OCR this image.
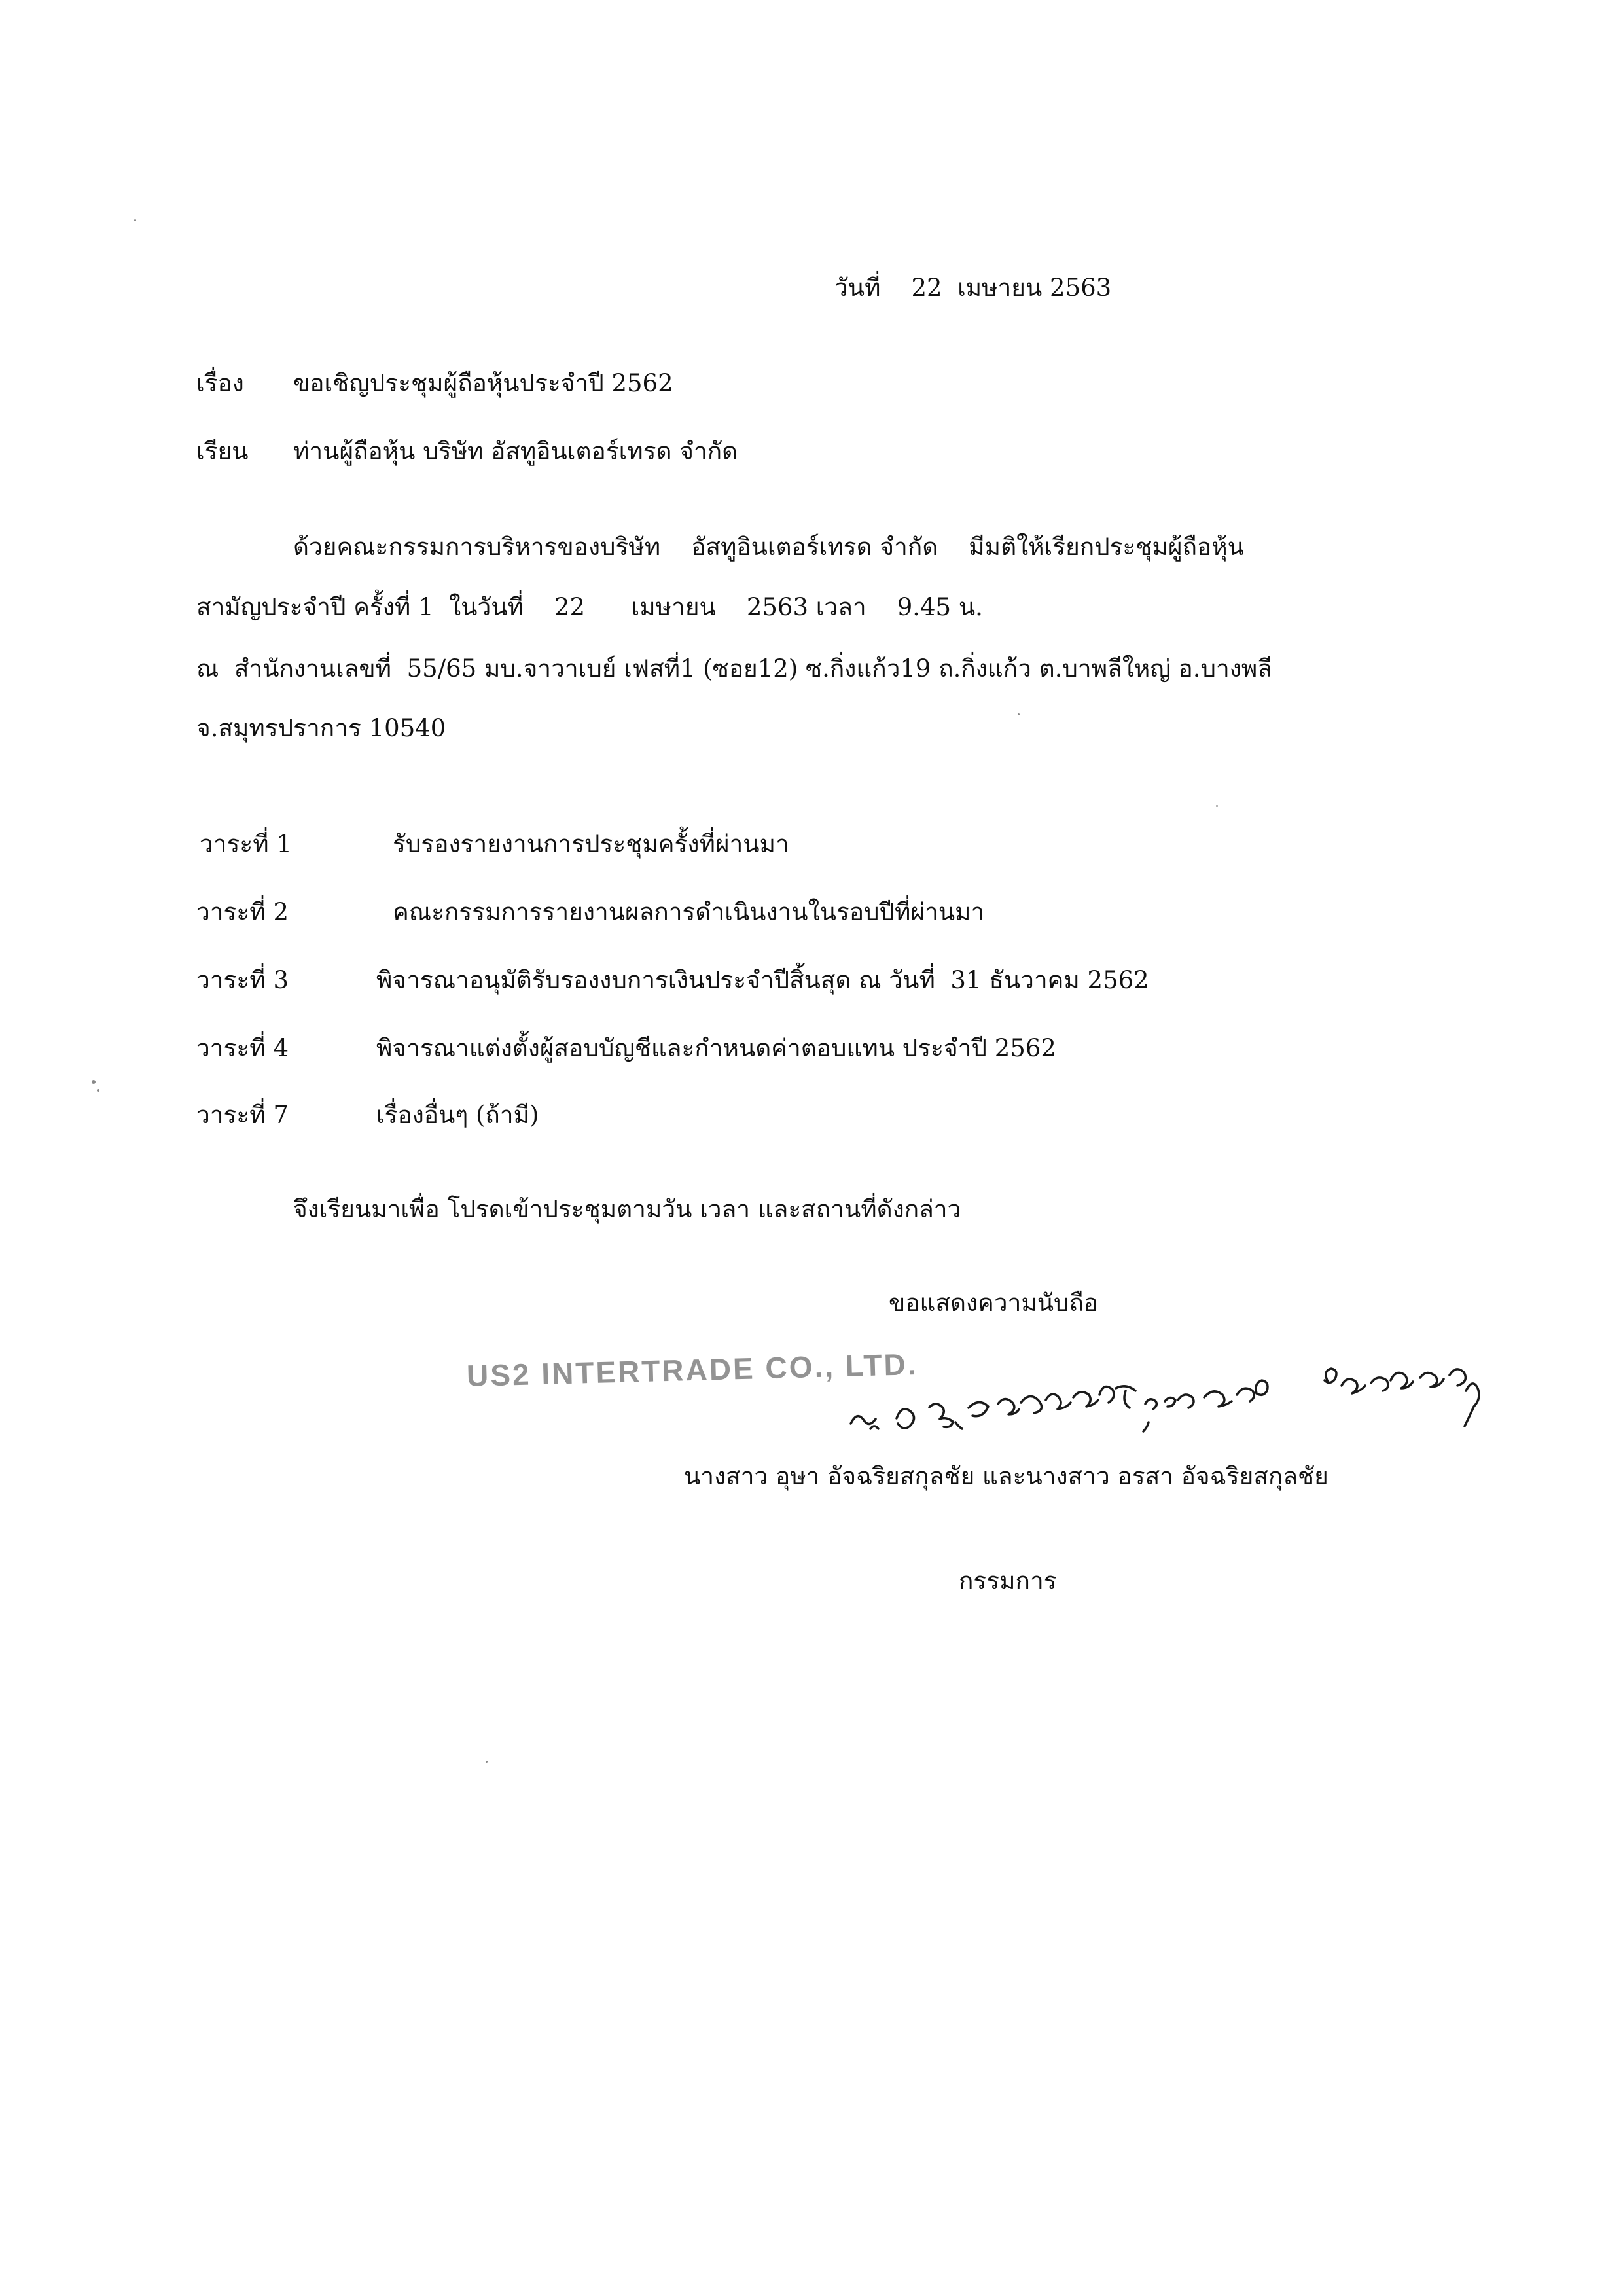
วันที่    22  เมษายน 2563
เรื่อง ขอเชิญประชุมผู้ถือหุ้นประจำปี 2562
เรียน ท่านผู้ถือหุ้น บริษัท อัสทูอินเตอร์เทรด จำกัด
ด้วยคณะกรรมการบริหารของบริษัท    อัสทูอินเตอร์เทรด จำกัด    มีมติให้เรียกประชุมผู้ถือหุ้น
สามัญประจำปี ครั้งที่ 1  ในวันที่    22      เมษายน    2563 เวลา    9.45 น.
ณ  สำนักงานเลขที่  55/65 มบ.จาวาเบย์ เฟสที่1 (ซอย12) ซ.กิ่งแก้ว19 ถ.กิ่งแก้ว ต.บาพลีใหญ่ อ.บางพลี
จ.สมุทรปราการ 10540
วาระที่ 1	รับรองรายงานการประชุมครั้งที่ผ่านมา
วาระที่ 2	คณะกรรมการรายงานผลการดำเนินงานในรอบปีที่ผ่านมา
วาระที่ 3	พิจารณาอนุมัติรับรองงบการเงินประจำปีสิ้นสุด ณ วันที่  31 ธันวาคม 2562
วาระที่ 4	พิจารณาแต่งตั้งผู้สอบบัญชีและกำหนดค่าตอบแทน ประจำปี 2562
วาระที่ 7	เรื่องอื่นๆ (ถ้ามี)
จึงเรียนมาเพื่อ โปรดเข้าประชุมตามวัน เวลา และสถานที่ดังกล่าว
ขอแสดงความนับถือ
US2 INTERTRADE CO., LTD.
นางสาว อุษา อัจฉริยสกุลชัย และนางสาว อรสา อัจฉริยสกุลชัย
กรรมการ
